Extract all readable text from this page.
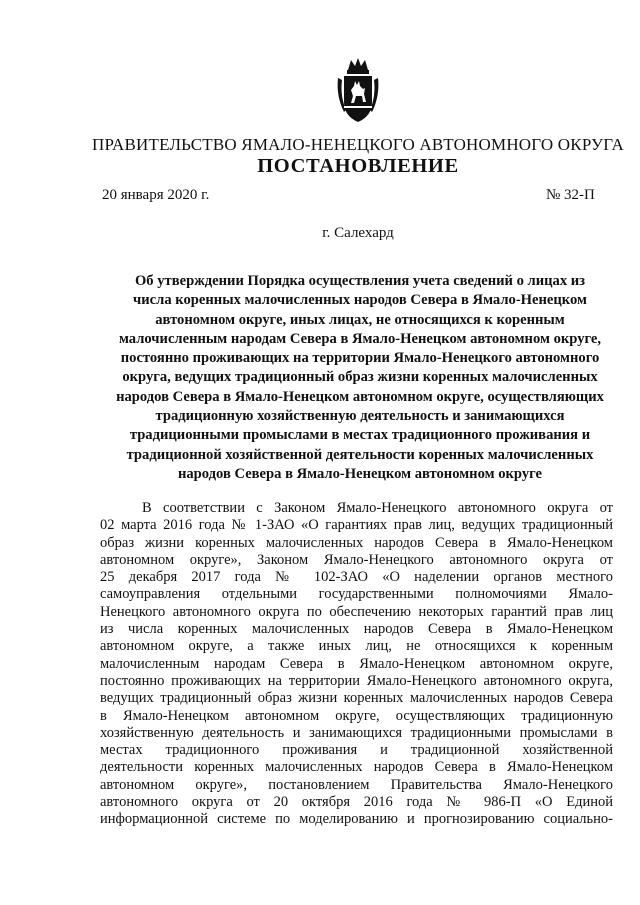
ПРАВИТЕЛЬСТВО ЯМАЛО-НЕНЕЦКОГО АВТОНОМНОГО ОКРУГА
ПОСТАНОВЛЕНИЕ
20 января 2020 г.	№ 32-П
г. Салехард
Об утверждении Порядка осуществления учета сведений о лицах из
числа коренных малочисленных народов Севера в Ямало-Ненецком
автономном округе, иных лицах, не относящихся к коренным
малочисленным народам Севера в Ямало-Ненецком автономном округе,
постоянно проживающих на территории Ямало-Ненецкого автономного
округа, ведущих традиционный образ жизни коренных малочисленных
народов Севера в Ямало-Ненецком автономном округе, осуществляющих
традиционную хозяйственную деятельность и занимающихся
традиционными промыслами в местах традиционного проживания и
традиционной хозяйственной деятельности коренных малочисленных
народов Севера в Ямало-Ненецком автономном округе
В соответствии с Законом Ямало-Ненецкого автономного округа от
02 марта 2016 года № 1-ЗАО «О гарантиях прав лиц, ведущих традиционный
образ жизни коренных малочисленных народов Севера в Ямало-Ненецком
автономном округе», Законом Ямало-Ненецкого автономного округа от
25 декабря 2017 года № 102-ЗАО «О наделении органов местного
самоуправления отдельными государственными полномочиями Ямало-
Ненецкого автономного округа по обеспечению некоторых гарантий прав лиц
из числа коренных малочисленных народов Севера в Ямало-Ненецком
автономном округе, а также иных лиц, не относящихся к коренным
малочисленным народам Севера в Ямало-Ненецком автономном округе,
постоянно проживающих на территории Ямало-Ненецкого автономного округа,
ведущих традиционный образ жизни коренных малочисленных народов Севера
в Ямало-Ненецком автономном округе, осуществляющих традиционную
хозяйственную деятельность и занимающихся традиционными промыслами в
местах традиционного проживания и традиционной хозяйственной
деятельности коренных малочисленных народов Севера в Ямало-Ненецком
автономном округе», постановлением Правительства Ямало-Ненецкого
автономного округа от 20 октября 2016 года № 986-П «О Единой
информационной системе по моделированию и прогнозированию социально-
